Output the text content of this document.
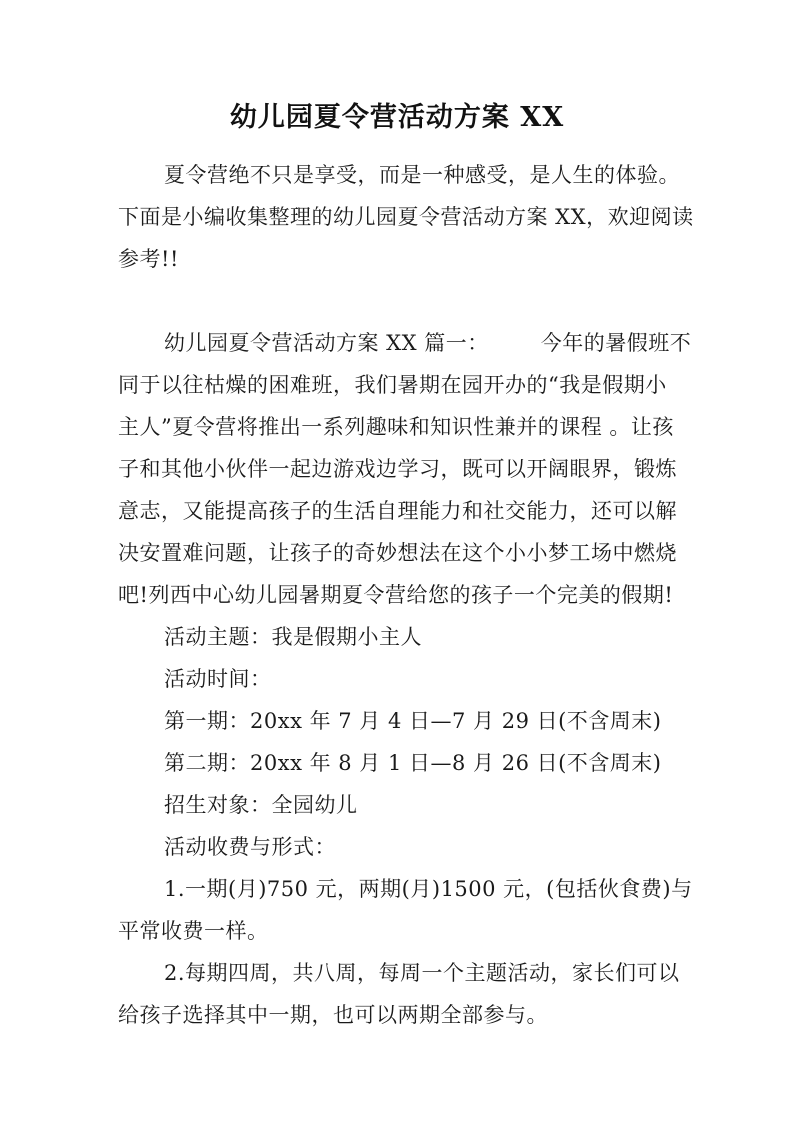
幼儿园夏令营活动方案 XX
夏令营绝不只是享受，而是一种感受，是人生的体验。
下面是小编收集整理的幼儿园夏令营活动方案 XX，欢迎阅读
参考!!
幼儿园夏令营活动方案 XX 篇一： 今年的暑假班不
同于以往枯燥的困难班，我们暑期在园开办的“我是假期小
主人”夏令营将推出一系列趣味和知识性兼并的课程 。让孩
子和其他小伙伴一起边游戏边学习，既可以开阔眼界，锻炼
意志，又能提高孩子的生活自理能力和社交能力，还可以解
决安置难问题，让孩子的奇妙想法在这个小小梦工场中燃烧
吧!列西中心幼儿园暑期夏令营给您的孩子一个完美的假期!
活动主题：我是假期小主人
活动时间：
第一期：20xx 年 7 月 4 日—7 月 29 日(不含周末)
第二期：20xx 年 8 月 1 日—8 月 26 日(不含周末)
招生对象：全园幼儿
活动收费与形式：
1.一期(月)750 元，两期(月)1500 元，(包括伙食费)与
平常收费一样。
2.每期四周，共八周，每周一个主题活动，家长们可以
给孩子选择其中一期，也可以两期全部参与。
